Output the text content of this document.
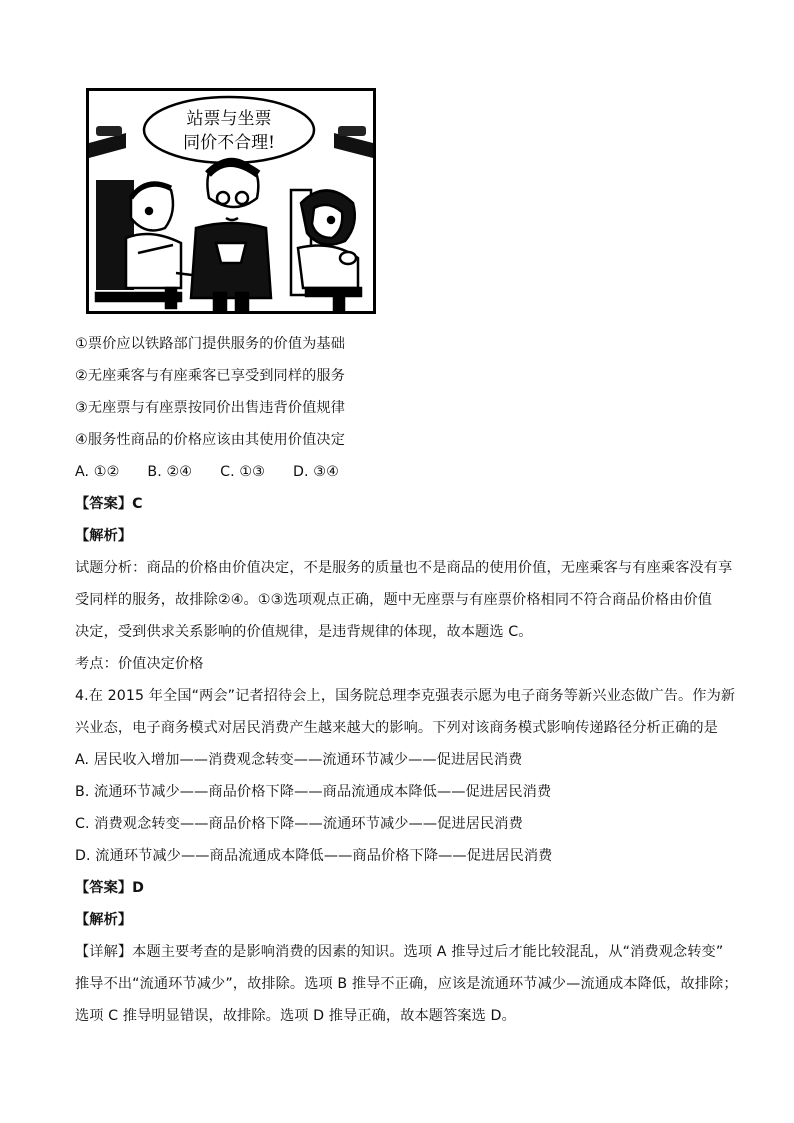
站票与坐票
同价不合理!
①票价应以铁路部门提供服务的价值为基础
②无座乘客与有座乘客已享受到同样的服务
③无座票与有座票按同价出售违背价值规律
④服务性商品的价格应该由其使用价值决定
A. ①② B. ②④ C. ①③ D. ③④
【答案】C
【解析】
试题分析：商品的价格由价值决定，不是服务的质量也不是商品的使用价值，无座乘客与有座乘客没有享
受同样的服务，故排除②④。①③选项观点正确，题中无座票与有座票价格相同不符合商品价格由价值
决定，受到供求关系影响的价值规律，是违背规律的体现，故本题选 C。
考点：价值决定价格
4.在 2015 年全国“两会”记者招待会上，国务院总理李克强表示愿为电子商务等新兴业态做广告。作为新
兴业态，电子商务模式对居民消费产生越来越大的影响。下列对该商务模式影响传递路径分析正确的是
A. 居民收入增加——消费观念转变——流通环节减少——促进居民消费
B. 流通环节减少——商品价格下降——商品流通成本降低——促进居民消费
C. 消费观念转变——商品价格下降——流通环节减少——促进居民消费
D. 流通环节减少——商品流通成本降低——商品价格下降——促进居民消费
【答案】D
【解析】
【详解】本题主要考查的是影响消费的因素的知识。选项 A 推导过后才能比较混乱，从“消费观念转变”
推导不出“流通环节减少”，故排除。选项 B 推导不正确，应该是流通环节减少—流通成本降低，故排除；
选项 C 推导明显错误，故排除。选项 D 推导正确，故本题答案选 D。
